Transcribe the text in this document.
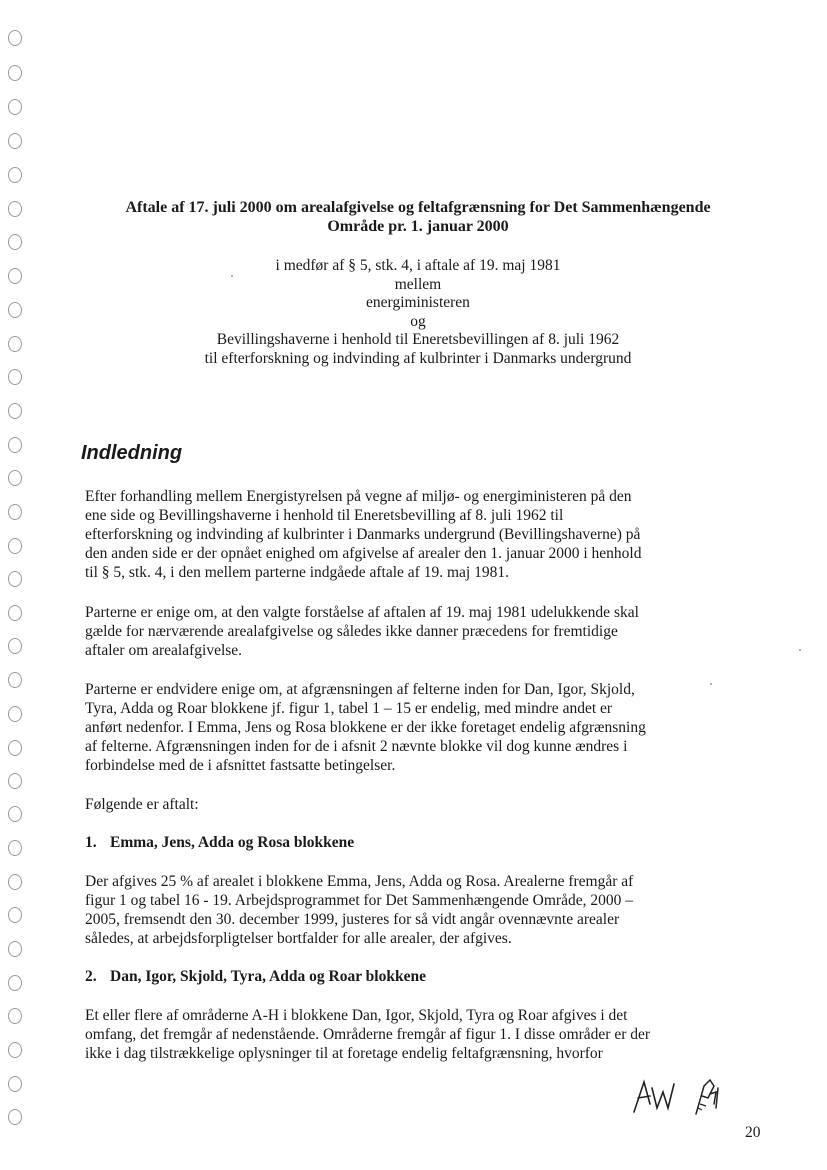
Aftale af 17. juli 2000 om arealafgivelse og feltafgrænsning for Det Sammenhængende
Område pr. 1. januar 2000
i medfør af § 5, stk. 4, i aftale af 19. maj 1981
mellem
energiministeren
og
Bevillingshaverne i henhold til Eneretsbevillingen af 8. juli 1962
til efterforskning og indvinding af kulbrinter i Danmarks undergrund
Indledning

Efter forhandling mellem Energistyrelsen på vegne af miljø- og energiministeren på den
ene side og Bevillingshaverne i henhold til Eneretsbevilling af 8. juli 1962 til
efterforskning og indvinding af kulbrinter i Danmarks undergrund (Bevillingshaverne) på
den anden side er der opnået enighed om afgivelse af arealer den 1. januar 2000 i henhold
til § 5, stk. 4, i den mellem parterne indgåede aftale af 19. maj 1981.

Parterne er enige om, at den valgte forståelse af aftalen af 19. maj 1981 udelukkende skal
gælde for nærværende arealafgivelse og således ikke danner præcedens for fremtidige
aftaler om arealafgivelse.

Parterne er endvidere enige om, at afgrænsningen af felterne inden for Dan, Igor, Skjold,
Tyra, Adda og Roar blokkene jf. figur 1, tabel 1 – 15 er endelig, med mindre andet er
anført nedenfor. I Emma, Jens og Rosa blokkene er der ikke foretaget endelig afgrænsning
af felterne. Afgrænsningen inden for de i afsnit 2 nævnte blokke vil dog kunne ændres i
forbindelse med de i afsnittet fastsatte betingelser.

Følgende er aftalt:

1. Emma, Jens, Adda og Rosa blokkene

Der afgives 25 % af arealet i blokkene Emma, Jens, Adda og Rosa. Arealerne fremgår af
figur 1 og tabel 16 - 19. Arbejdsprogrammet for Det Sammenhængende Område, 2000 –
2005, fremsendt den 30. december 1999, justeres for så vidt angår ovennævnte arealer
således, at arbejdsforpligtelser bortfalder for alle arealer, der afgives.

2. Dan, Igor, Skjold, Tyra, Adda og Roar blokkene

Et eller flere af områderne A-H i blokkene Dan, Igor, Skjold, Tyra og Roar afgives i det
omfang, det fremgår af nedenstående. Områderne fremgår af figur 1. I disse områder er der
ikke i dag tilstrækkelige oplysninger til at foretage endelig feltafgrænsning, hvorfor

20
